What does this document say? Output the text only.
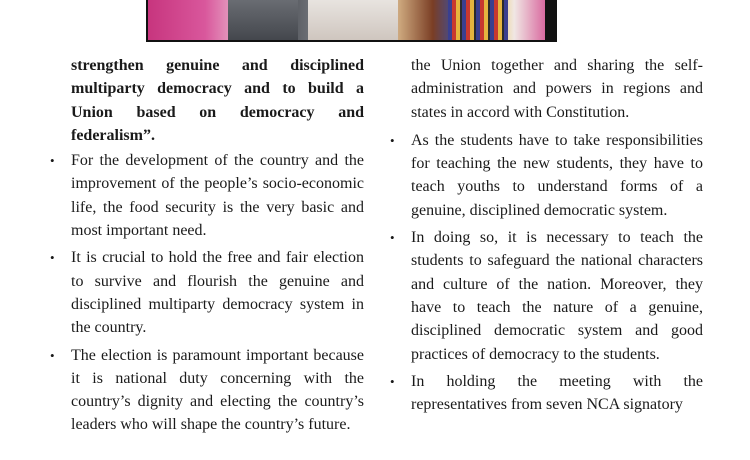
strengthen genuine and disciplined multiparty democracy and to build a Union based on democracy and federalism”.

• For the development of the country and the improvement of the people’s socio-economic life, the food security is the very basic and most important need.
• It is crucial to hold the free and fair election to survive and flourish the genuine and disciplined multiparty democracy system in the country.
• The election is paramount important because it is national duty concerning with the country’s dignity and electing the country’s leaders who will shape the country’s future.

the Union together and sharing the self-administration and powers in regions and states in accord with Constitution.

• As the students have to take responsibilities for teaching the new students, they have to teach youths to understand forms of a genuine, disciplined democratic system.
• In doing so, it is necessary to teach the students to safeguard the national characters and culture of the nation. Moreover, they have to teach the nature of a genuine, disciplined democratic system and good practices of democracy to the students.
• In holding the meeting with the representatives from seven NCA signatory
